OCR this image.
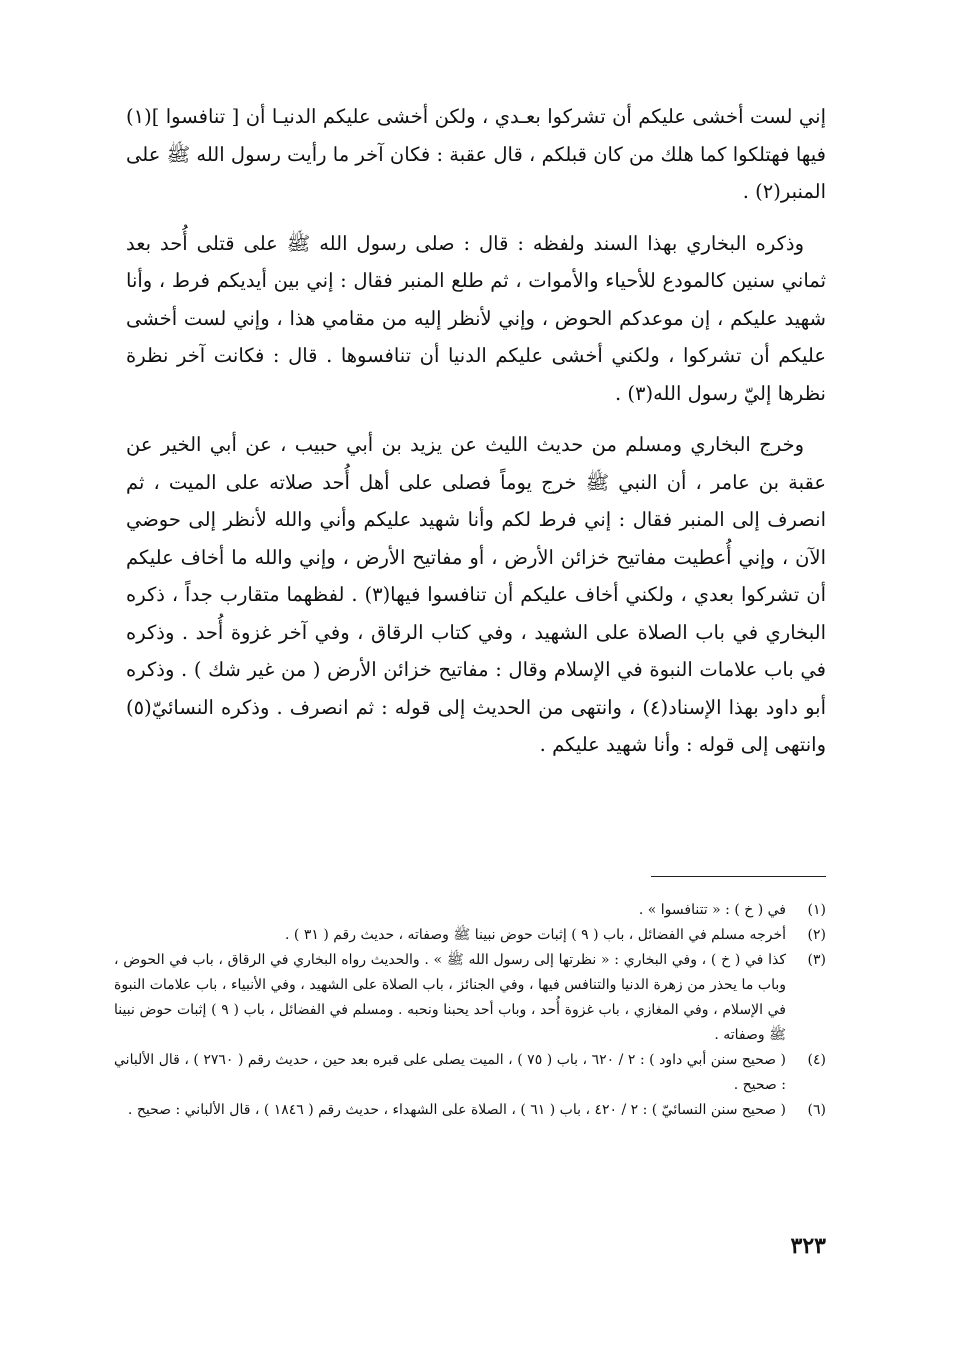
إني لست أخشى عليكم أن تشركوا بعـدي ، ولكن أخشى عليكم الدنيـا أن [ تنافسوا ](١) فيها فهتلكوا كما هلك من كان قبلكم ، قال عقبة : فكان آخر ما رأيت رسول الله ﷺ على المنبر(٢) .

وذكره البخاري بهذا السند ولفظه : قال : صلى رسول الله ﷺ على قتلى أُحد بعد ثماني سنين كالمودع للأحياء والأموات ، ثم طلع المنبر فقال : إني بين أيديكم فرط ، وأنا شهيد عليكم ، إن موعدكم الحوض ، وإني لأنظر إليه من مقامي هذا ، وإني لست أخشى عليكم أن تشركوا ، ولكني أخشى عليكم الدنيا أن تنافسوها . قال : فكانت آخر نظرة نظرها إليّ رسول الله(٣) .

وخرج البخاري ومسلم من حديث الليث عن يزيد بن أبي حبيب ، عن أبي الخير عن عقبة بن عامر ، أن النبي ﷺ خرج يوماً فصلى على أهل أُحد صلاته على الميت ، ثم انصرف إلى المنبر فقال : إني فرط لكم وأنا شهيد عليكم وأني والله لأنظر إلى حوضي الآن ، وإني أُعطيت مفاتيح خزائن الأرض ، أو مفاتيح الأرض ، وإني والله ما أخاف عليكم أن تشركوا بعدي ، ولكني أخاف عليكم أن تنافسوا فيها(٣) . لفظهما متقارب جداً ، ذكره البخاري في باب الصلاة على الشهيد ، وفي كتاب الرقاق ، وفي آخر غزوة أُحد . وذكره في باب علامات النبوة في الإسلام وقال : مفاتيح خزائن الأرض ( من غير شك ) . وذكره أبو داود بهذا الإسناد(٤) ، وانتهى من الحديث إلى قوله : ثم انصرف . وذكره النسائيّ(٥) وانتهى إلى قوله : وأنا شهيد عليكم .

(١)
في ( خ ) : « تتنافسوا » .
(٢)
أخرجه مسلم في الفضائل ، باب ( ٩ ) إثبات حوض نبينا ﷺ وصفاته ، حديث رقم ( ٣١ ) .
(٣)
كذا في ( خ ) ، وفي البخاري : « نظرتها إلى رسول الله ﷺ » . والحديث رواه البخاري في الرقاق ، باب في الحوض ، وباب ما يحذر من زهرة الدنيا والتنافس فيها ، وفي الجنائز ، باب الصلاة على الشهيد ، وفي الأنبياء ، باب علامات النبوة في الإسلام ، وفي المغازي ، باب غزوة أُحد ، وباب أحد يحبنا ونحبه . ومسلم في الفضائل ، باب ( ٩ ) إثبات حوض نبينا ﷺ وصفاته .
(٤)
( صحيح سنن أبي داود ) : ٢ / ٦٢٠ ، باب ( ٧٥ ) ، الميت يصلى على قبره بعد حين ، حديث رقم ( ٢٧٦٠ ) ، قال الألباني : صحيح .
(٦)
( صحيح سنن النسائيّ ) : ٢ / ٤٢٠ ، باب ( ٦١ ) ، الصلاة على الشهداء ، حديث رقم ( ١٨٤٦ ) ، قال الألباني : صحيح .
٣٢٣
